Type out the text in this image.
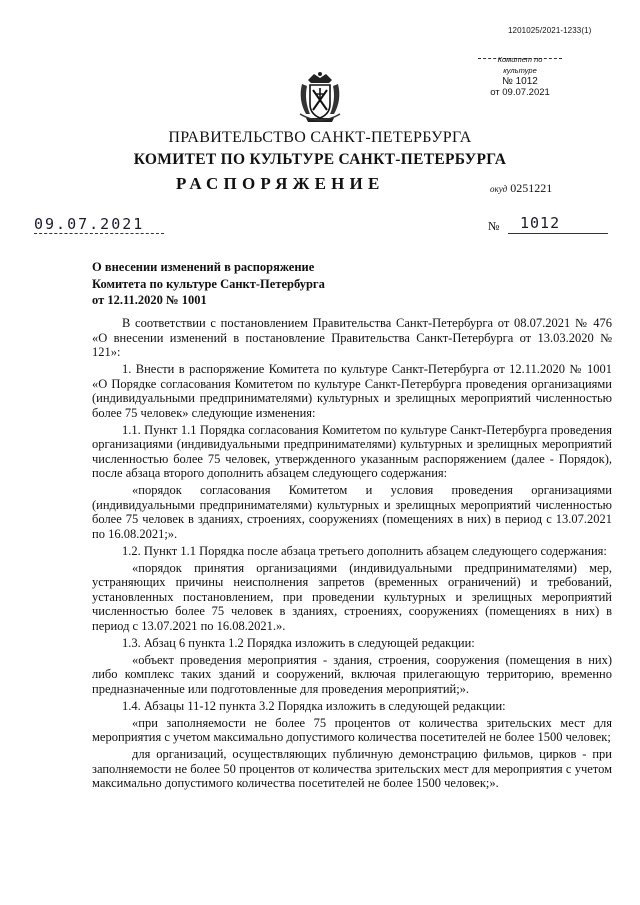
1201025/2021-1233(1)
Комитет по культуре
№ 1012
от 09.07.2021
ПРАВИТЕЛЬСТВО САНКТ-ПЕТЕРБУРГА
КОМИТЕТ ПО КУЛЬТУРЕ САНКТ-ПЕТЕРБУРГА
РАСПОРЯЖЕНИЕ	окуд 0251221
09.07.2021	№ 1012
О внесении изменений в распоряжение
Комитета по культуре Санкт-Петербурга
от 12.11.2020 № 1001

В соответствии с постановлением Правительства Санкт-Петербурга от 08.07.2021 № 476 «О внесении изменений в постановление Правительства Санкт-Петербурга от 13.03.2020 № 121»:

1. Внести в распоряжение Комитета по культуре Санкт-Петербурга от 12.11.2020 № 1001 «О Порядке согласования Комитетом по культуре Санкт-Петербурга проведения организациями (индивидуальными предпринимателями) культурных и зрелищных мероприятий численностью более 75 человек» следующие изменения:

1.1. Пункт 1.1 Порядка согласования Комитетом по культуре Санкт-Петербурга проведения организациями (индивидуальными предпринимателями) культурных и зрелищных мероприятий численностью более 75 человек, утвержденного указанным распоряжением (далее - Порядок), после абзаца второго дополнить абзацем следующего содержания:

«порядок согласования Комитетом и условия проведения организациями (индивидуальными предпринимателями) культурных и зрелищных мероприятий численностью более 75 человек в зданиях, строениях, сооружениях (помещениях в них) в период с 13.07.2021 по 16.08.2021;».

1.2. Пункт 1.1 Порядка после абзаца третьего дополнить абзацем следующего содержания:

«порядок принятия организациями (индивидуальными предпринимателями) мер, устраняющих причины неисполнения запретов (временных ограничений) и требований, установленных постановлением, при проведении культурных и зрелищных мероприятий численностью более 75 человек в зданиях, строениях, сооружениях (помещениях в них) в период с 13.07.2021 по 16.08.2021.».

1.3. Абзац 6 пункта 1.2 Порядка изложить в следующей редакции:

«объект проведения мероприятия - здания, строения, сооружения (помещения в них) либо комплекс таких зданий и сооружений, включая прилегающую территорию, временно предназначенные или подготовленные для проведения мероприятий;».

1.4. Абзацы 11-12 пункта 3.2 Порядка изложить в следующей редакции:

«при заполняемости не более 75 процентов от количества зрительских мест для мероприятия с учетом максимально допустимого количества посетителей не более 1500 человек;

для организаций, осуществляющих публичную демонстрацию фильмов, цирков - при заполняемости не более 50 процентов от количества зрительских мест для мероприятия с учетом максимально допустимого количества посетителей не более 1500 человек;».
